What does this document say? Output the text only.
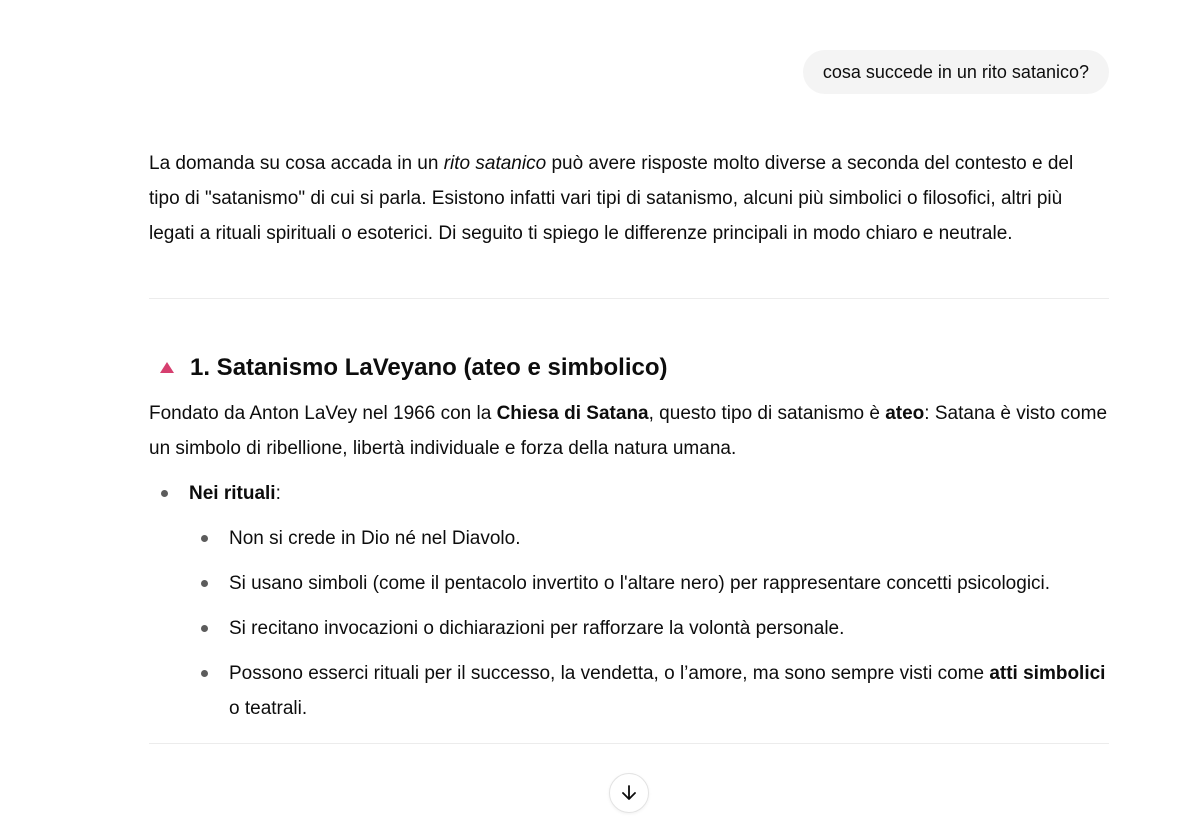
cosa succede in un rito satanico?

La domanda su cosa accada in un rito satanico può avere risposte molto diverse a seconda del contesto e del tipo di "satanismo" di cui si parla. Esistono infatti vari tipi di satanismo, alcuni più simbolici o filosofici, altri più legati a rituali spirituali o esoterici. Di seguito ti spiego le differenze principali in modo chiaro e neutrale.

1. Satanismo LaVeyano (ateo e simbolico)

Fondato da Anton LaVey nel 1966 con la Chiesa di Satana, questo tipo di satanismo è ateo: Satana è visto come un simbolo di ribellione, libertà individuale e forza della natura umana.

Nei rituali:
Non si crede in Dio né nel Diavolo.
Si usano simboli (come il pentacolo invertito o l'altare nero) per rappresentare concetti psicologici.
Si recitano invocazioni o dichiarazioni per rafforzare la volontà personale.
Possono esserci rituali per il successo, la vendetta, o l’amore, ma sono sempre visti come atti simbolici o teatrali.
